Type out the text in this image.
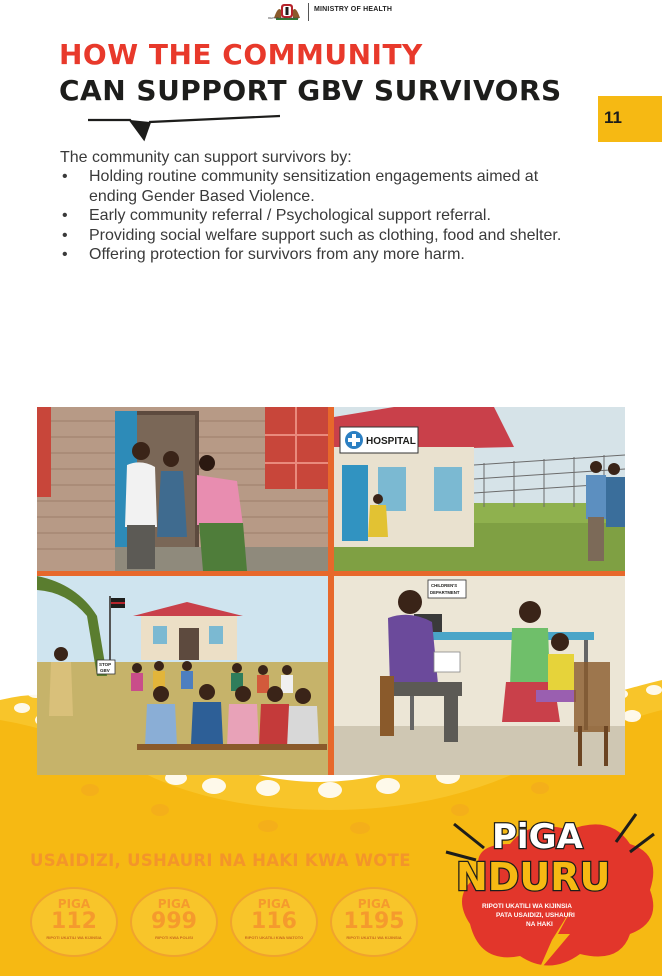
REPUBLIC OF KENYA
MINISTRY OF HEALTH
HOW THE COMMUNITY
CAN SUPPORT GBV SURVIVORS
11
The community can support survivors by:
• Holding routine community sensitization engagements aimed at
ending Gender Based Violence.
• Early community referral / Psychological support referral.
• Providing social welfare support such as clothing, food and shelter.
• Offering protection for survivors from any more harm.
HOSPITAL
STOP
GBV
CHILDREN'S
DEPARTMENT
USAIDIZI, USHAURI NA HAKI KWA WOTE
PIGA
112
RIPOTI UKATILI WA KIJINSIA
PIGA
999
RIPOTI KWA POLISI
PIGA
116
RIPOTI UKATILI KWA WATOTO
PIGA
1195
RIPOTI UKATILI WA KIJINSIA
PiGA
NDURU
RIPOTI UKATILI WA KIJINSIA
PATA USAIDIZI, USHAURI
NA HAKI
